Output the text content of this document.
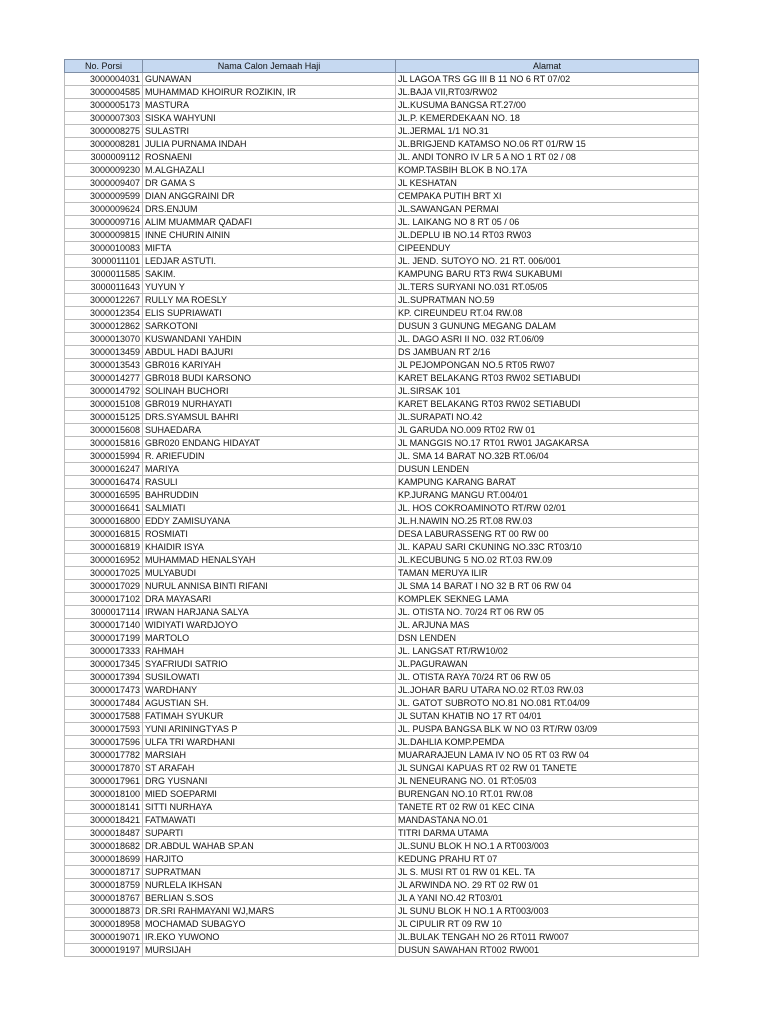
No. Porsi	Nama Calon Jemaah Haji	Alamat
3000004031	GUNAWAN	JL LAGOA TRS GG III B 11 NO 6 RT 07/02
3000004585	MUHAMMAD KHOIRUR ROZIKIN, IR	JL.BAJA VII,RT03/RW02
3000005173	MASTURA	JL.KUSUMA BANGSA RT.27/00
3000007303	SISKA WAHYUNI	JL.P. KEMERDEKAAN NO. 18
3000008275	SULASTRI	JL.JERMAL 1/1 NO.31
3000008281	JULIA PURNAMA INDAH	JL.BRIGJEND KATAMSO NO.06 RT 01/RW 15
3000009112	ROSNAENI	JL. ANDI TONRO IV LR 5 A NO 1 RT 02 / 08
3000009230	M.ALGHAZALI	KOMP.TASBIH BLOK B NO.17A
3000009407	DR GAMA S	JL KESHATAN
3000009599	DIAN ANGGRAINI DR	CEMPAKA PUTIH BRT XI
3000009624	DRS.ENJUM	JL.SAWANGAN PERMAI
3000009716	ALIM MUAMMAR QADAFI	JL. LAIKANG NO 8 RT 05 / 06
3000009815	INNE CHURIN AININ	JL.DEPLU IB NO.14 RT03 RW03
3000010083	MIFTA	CIPEENDUY
3000011101	LEDJAR ASTUTI.	JL. JEND. SUTOYO NO. 21 RT. 006/001
3000011585	SAKIM.	KAMPUNG BARU RT3 RW4 SUKABUMI
3000011643	YUYUN Y	JL.TERS SURYANI NO.031 RT.05/05
3000012267	RULLY MA ROESLY	JL.SUPRATMAN NO.59
3000012354	ELIS SUPRIAWATI	KP. CIREUNDEU RT.04 RW.08
3000012862	SARKOTONI	DUSUN 3 GUNUNG MEGANG DALAM
3000013070	KUSWANDANI YAHDIN	JL. DAGO ASRI II NO. 032 RT.06/09
3000013459	ABDUL HADI BAJURI	DS JAMBUAN RT 2/16
3000013543	GBR016 KARIYAH	JL PEJOMPONGAN NO.5 RT05 RW07
3000014277	GBR018 BUDI KARSONO	KARET BELAKANG RT03 RW02 SETIABUDI
3000014792	SOLINAH BUCHORI	JL.SIRSAK 101
3000015108	GBR019 NURHAYATI	KARET BELAKANG RT03 RW02 SETIABUDI
3000015125	DRS.SYAMSUL BAHRI	JL.SURAPATI NO.42
3000015608	SUHAEDARA	JL GARUDA NO.009 RT02 RW 01
3000015816	GBR020 ENDANG HIDAYAT	JL MANGGIS NO.17 RT01 RW01 JAGAKARSA
3000015994	R. ARIEFUDIN	JL. SMA 14 BARAT NO.32B RT.06/04
3000016247	MARIYA	DUSUN LENDEN
3000016474	RASULI	KAMPUNG KARANG BARAT
3000016595	BAHRUDDIN	KP.JURANG MANGU RT.004/01
3000016641	SALMIATI	JL. HOS COKROAMINOTO RT/RW 02/01
3000016800	EDDY ZAMISUYANA	JL.H.NAWIN NO.25 RT.08 RW.03
3000016815	ROSMIATI	DESA LABURASSENG RT 00 RW 00
3000016819	KHAIDIR ISYA	JL. KAPAU SARI CKUNING NO.33C RT03/10
3000016952	MUHAMMAD HENALSYAH	JL.KECUBUNG 5 NO.02 RT.03 RW.09
3000017025	MULYABUDI	TAMAN MERUYA ILIR
3000017029	NURUL ANNISA BINTI RIFANI	JL SMA 14 BARAT I NO 32 B RT 06 RW 04
3000017102	DRA MAYASARI	KOMPLEK SEKNEG LAMA
3000017114	IRWAN HARJANA SALYA	JL. OTISTA NO. 70/24 RT 06 RW 05
3000017140	WIDIYATI WARDJOYO	JL. ARJUNA MAS
3000017199	MARTOLO	DSN LENDEN
3000017333	RAHMAH	JL. LANGSAT RT/RW10/02
3000017345	SYAFRIUDI SATRIO	JL.PAGURAWAN
3000017394	SUSILOWATI	JL. OTISTA RAYA 70/24 RT 06 RW 05
3000017473	WARDHANY	JL.JOHAR BARU UTARA NO.02 RT.03 RW.03
3000017484	AGUSTIAN SH.	JL. GATOT SUBROTO NO.81 NO.081 RT.04/09
3000017588	FATIMAH SYUKUR	JL SUTAN KHATIB NO 17 RT 04/01
3000017593	YUNI ARININGTYAS P	JL. PUSPA BANGSA BLK W NO 03 RT/RW 03/09
3000017596	ULFA TRI WARDHANI	JL.DAHLIA KOMP.PEMDA
3000017782	MARSIAH	MUARARAJEUN LAMA IV NO 05 RT 03 RW 04
3000017870	ST ARAFAH	JL SUNGAI KAPUAS RT 02 RW 01 TANETE
3000017961	DRG YUSNANI	JL NENEURANG NO. 01 RT:05/03
3000018100	MIED SOEPARMI	BURENGAN NO.10 RT.01 RW.08
3000018141	SITTI NURHAYA	TANETE RT 02 RW 01 KEC CINA
3000018421	FATMAWATI	MANDASTANA NO.01
3000018487	SUPARTI	TITRI DARMA UTAMA
3000018682	DR.ABDUL WAHAB SP.AN	JL.SUNU BLOK H NO.1 A RT003/003
3000018699	HARJITO	KEDUNG PRAHU RT 07
3000018717	SUPRATMAN	JL S. MUSI RT 01 RW 01 KEL. TA
3000018759	NURLELA IKHSAN	JL ARWINDA NO. 29 RT 02 RW 01
3000018767	BERLIAN S.SOS	JL A YANI NO.42 RT03/01
3000018873	DR.SRI RAHMAYANI WJ,MARS	JL SUNU BLOK H NO.1 A RT003/003
3000018958	MOCHAMAD SUBAGYO	JL CIPULIR RT 09 RW 10
3000019071	IR.EKO YUWONO	JL.BULAK TENGAH NO 26 RT011 RW007
3000019197	MURSIJAH	DUSUN SAWAHAN RT002 RW001
